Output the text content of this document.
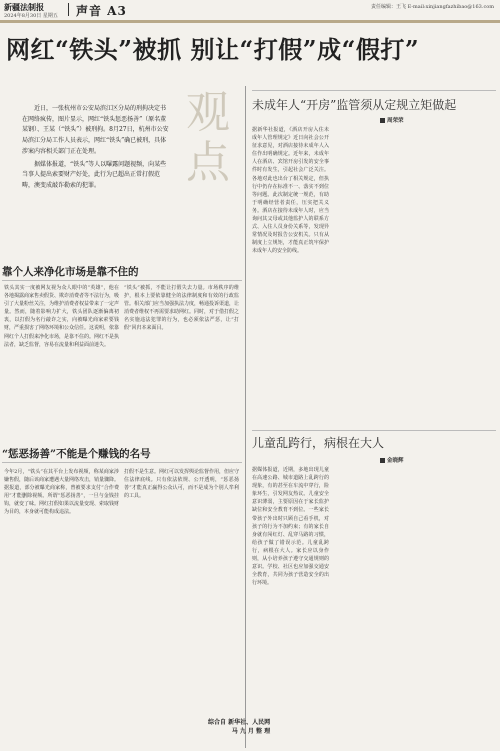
新疆法制报
2024年8月30日 星期五 声音 A3	责任编辑：王飞 E-mail:xinjiangfazhibao@163.com
网红“铁头”被抓 别让“打假”成“假打”

近日，一张杭州市公安局滨江区分局的刑拘决定书在网络疯传，图片显示，网红“铁头惩恶扬善”（原名董某钢）、王某（“铁头”）被刑拘。8月27日，杭州市公安局滨江分局工作人员表示，网红“铁头”确已被刑，具体涉案内容相关部门正在处理。

据媒体报道，“铁头”等人以曝露问题视频，向某些当事人提出索要财产好处，此行为已超出正常打假范畴，澳变成敲诈勒索的犯罪。

观点
靠个人来净化市场是靠不住的
铁头其实一度被网友视为众人眼中的“英雄”，他在各地揭露商家售卖假货、欺诈消费者等不法行为，吸引了大量粉丝关注，为维护消费者权益带来了一定声量。然而，随着影响力扩大，铁头团队逐渐偏离初衷，以打假为名行敲诈之实，向被曝光商家索要钱财，严重损害了网络环境和公众信任。这说明，依靠网红个人打假来净化市场，是靠不住的。网红不是执法者，缺乏监督，容易在流量和利益面前迷失。
“铁头”被抓，不能让打假失去力量。市场秩序的维护，根本上要依靠健全的法律制度和有效的行政监管。相关部门应当加强执法力度，畅通投诉渠道，让消费者维权不再需要求助网红。同时，对于借打假之名实施违法犯罪的行为，也必须依法严惩，让“打假”回归本来面目。
“惩恶扬善”不能是个赚钱的名号
今年2月，“铁头”在其平台上发布视频，称某商家涉嫌售假，随后该商家遭遇大量网络攻击，销量骤降。据报道，部分被曝光商家称，曾被要求支付“合作费用”才能删除视频。所谓“惩恶扬善”，一旦与金钱挂钩，就变了味。网红打假如果以流量变现、索取钱财为目的，本身就可能构成违法。
打假不是生意。网红可以发挥舆论监督作用，但应守住法律底线。只有依法依规、公开透明，“惩恶扬善”才能真正赢得公众认可，而不是成为个别人牟利的工具。
未成年人“开房”监管须从定规立矩做起
周荣荣
据新华社报道，《酒店开房入住未成年人管理规定》近日向社会公开征求意见，对酒店接待未成年人入住作出明确规定。近年来，未成年人在酒店、宾馆开房引发的安全事件时有发生，引起社会广泛关注。各地对此也出台了相关规定，但执行中仍存在标准不一、落实不到位等问题。此次制定统一规范，有助于明确经营者责任，压实把关义务。酒店在接待未成年人时，应当询问其父母或其他监护人的联系方式、入住人员身份关系等，发现异常情况及时报告公安机关。只有从制度上立规矩，才能真正筑牢保护未成年人的安全防线。
儿童乱跨行，病根在大人
金晓辉
据媒体报道，近期，多地出现儿童在高速公路、城市道路上乱跨行的现象，有的甚至在车流中穿行，险象环生，引发网友热议。儿童安全意识薄弱，主要原因在于家长监护缺位和安全教育不到位。一些家长带孩子外出时只顾自己看手机，对孩子的行为不加约束；有的家长自身就有闯红灯、乱穿马路的习惯，给孩子做了错误示范。儿童乱跨行，病根在大人。家长应以身作则，从小培养孩子遵守交通规则的意识。学校、社区也应加强交通安全教育，共同为孩子营造安全的出行环境。
综合自 新华社、人民网
马 九 月 整 理
